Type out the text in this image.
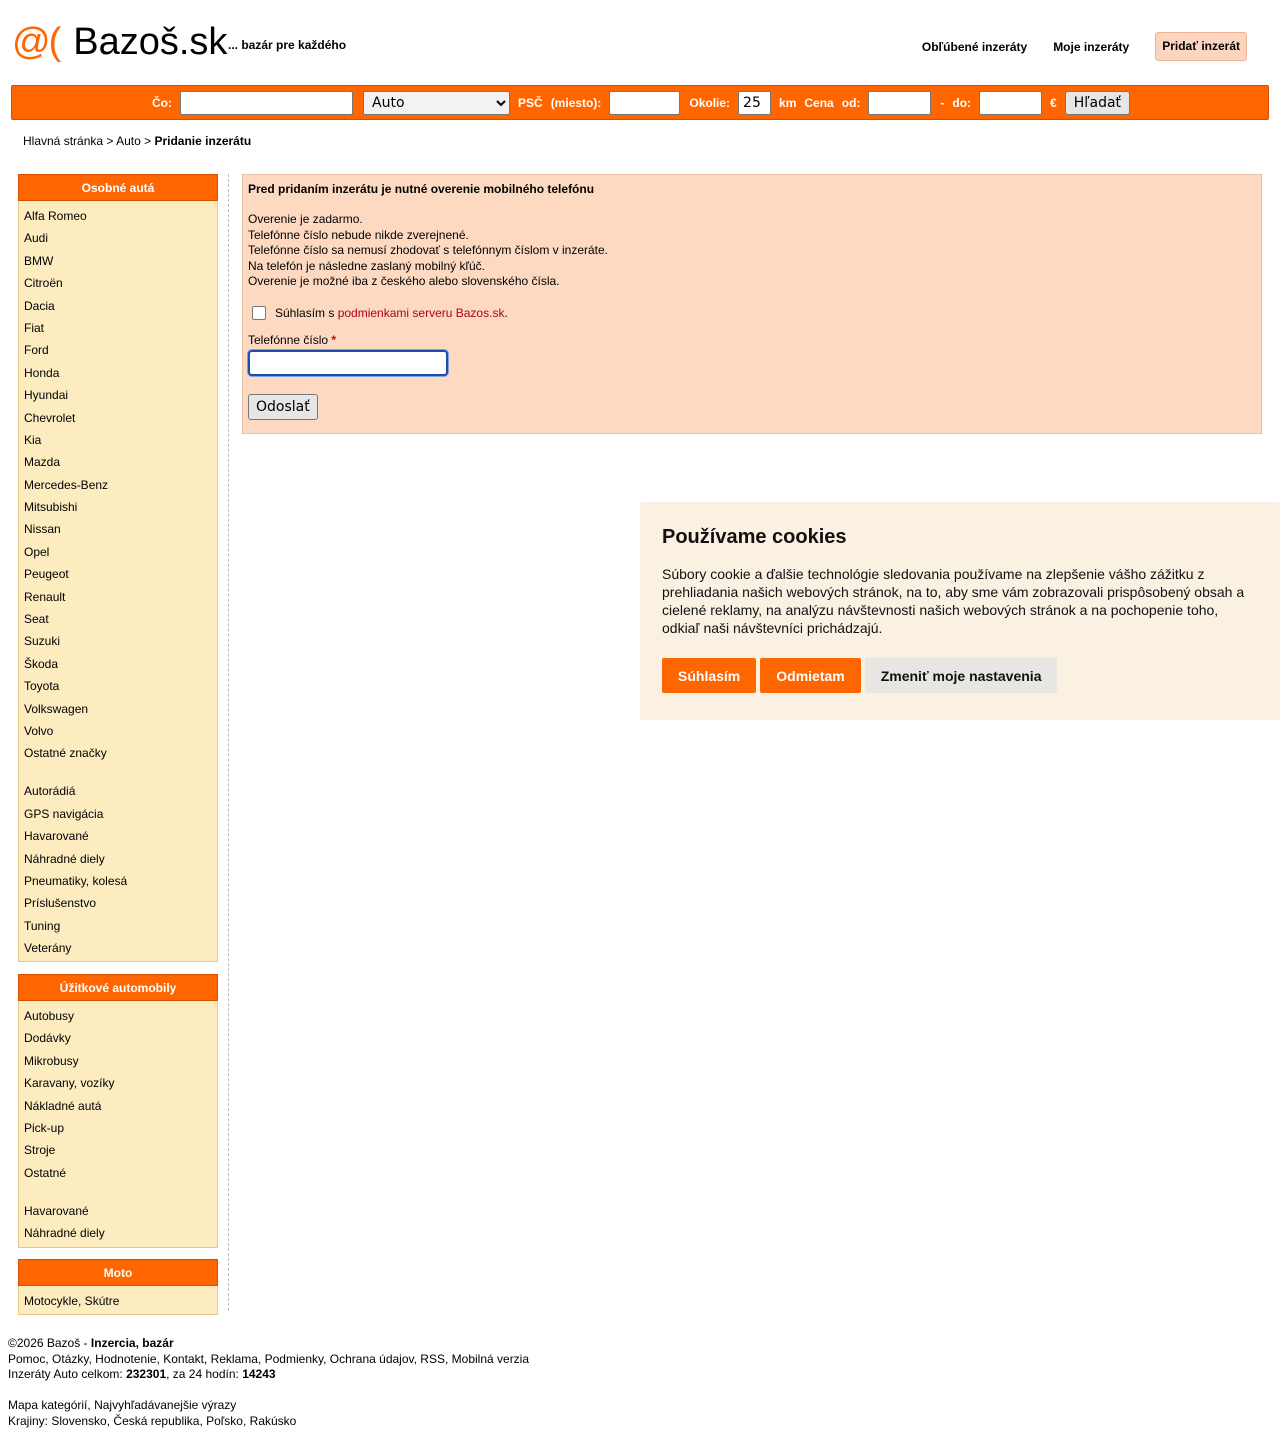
@( Bazoš.sk ... bazár pre každého	Obľúbené inzeráty Moje inzeráty	Pridať inzerát
Čo:
Auto	PSČ (miesto):	Okolie:
25	km Cena od:	- do:	€	Hľadať
Hlavná stránka > Auto > Pridanie inzerátu
Osobné autá
Alfa Romeo
Audi
BMW
Citroën
Dacia
Fiat
Ford
Honda
Hyundai
Chevrolet
Kia
Mazda
Mercedes-Benz
Mitsubishi
Nissan
Opel
Peugeot
Renault
Seat
Suzuki
Škoda
Toyota
Volkswagen
Volvo
Ostatné značky
Autorádiá
GPS navigácia
Havarované
Náhradné diely
Pneumatiky, kolesá
Príslušenstvo
Tuning
Veterány
Úžitkové automobily
Autobusy
Dodávky
Mikrobusy
Karavany, vozíky
Nákladné autá
Pick-up
Stroje
Ostatné
Havarované
Náhradné diely
Moto
Motocykle, Skútre

Pred pridaním inzerátu je nutné overenie mobilného telefónu

Overenie je zadarmo.
Telefónne číslo nebude nikde zverejnené.
Telefónne číslo sa nemusí zhodovať s telefónnym číslom v inzeráte.
Na telefón je následne zaslaný mobilný kľúč.
Overenie je možné iba z českého alebo slovenského čísla.
Súhlasím s
podmienkami serveru Bazos.sk .
Telefónne číslo *
Odoslať

Používame cookies

Súbory cookie a ďalšie technológie sledovania používame na zlepšenie vášho zážitku z prehliadania našich webových stránok, na to, aby sme vám zobrazovali prispôsobený obsah a cielené reklamy, na analýzu návštevnosti našich webových stránok a na pochopenie toho, odkiaľ naši návštevníci prichádzajú.
Súhlasím	Odmietam	Zmeniť moje nastavenia
©2026 Bazoš - Inzercia, bazár
Pomoc, Otázky, Hodnotenie, Kontakt, Reklama, Podmienky, Ochrana údajov, RSS, Mobilná verzia
Inzeráty Auto celkom: 232301, za 24 hodín: 14243
Mapa kategórií, Najvyhľadávanejšie výrazy
Krajiny: Slovensko, Česká republika, Poľsko, Rakúsko
